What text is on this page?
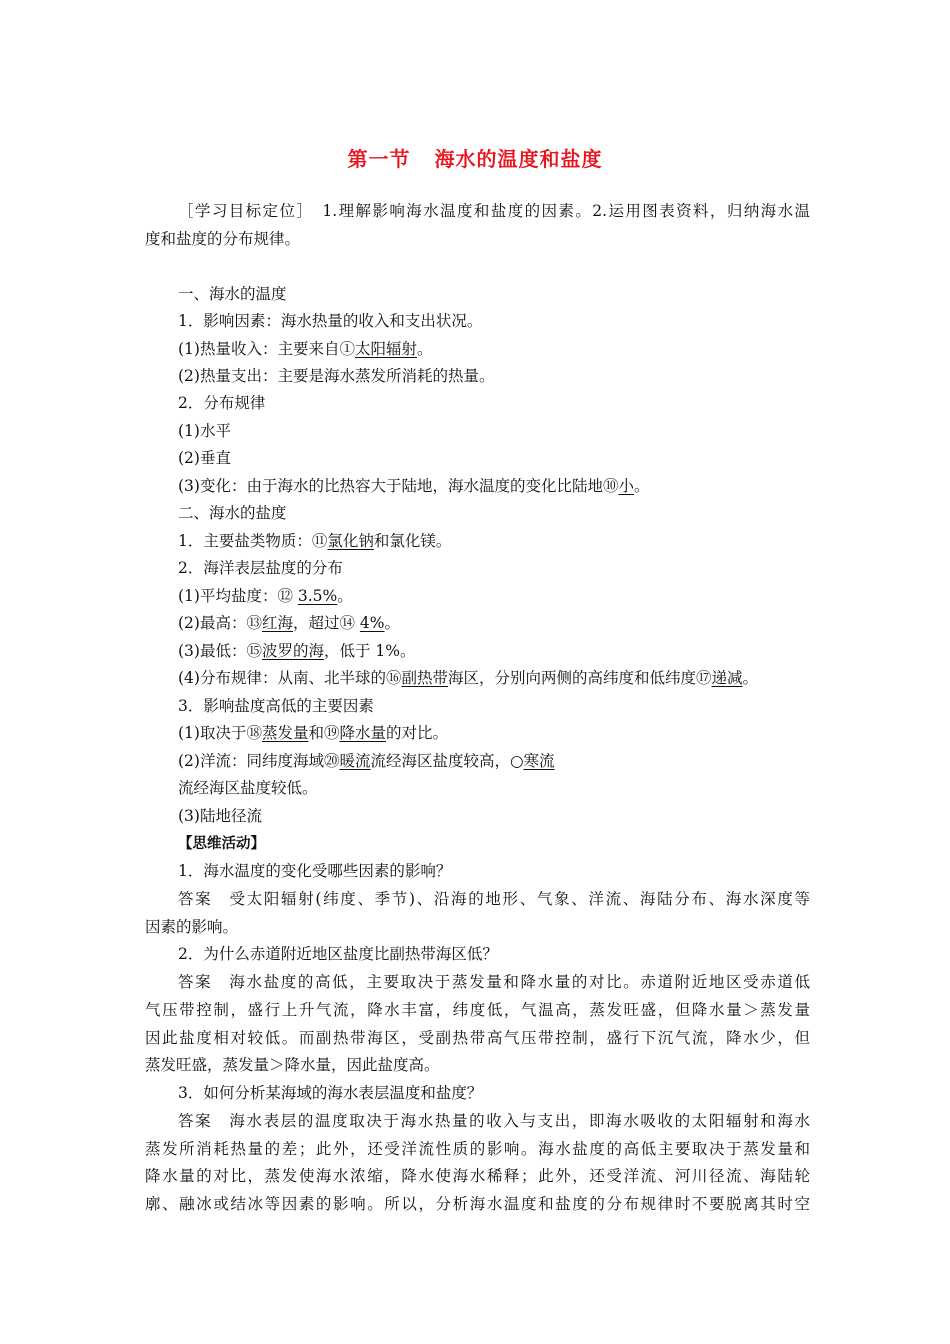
第一节 海水的温度和盐度
［学习目标定位］　1.理解影响海水温度和盐度的因素。2.运用图表资料，归纳海水温
度和盐度的分布规律。
一、海水的温度
1．影响因素：海水热量的收入和支出状况。
(1)热量收入：主要来自①太阳辐射。
(2)热量支出：主要是海水蒸发所消耗的热量。
2．分布规律
(1)水平
(2)垂直
(3)变化：由于海水的比热容大于陆地，海水温度的变化比陆地⑩小。
二、海水的盐度
1．主要盐类物质：⑪氯化钠和氯化镁。
2．海洋表层盐度的分布
(1)平均盐度：⑫ 3.5%。
(2)最高：⑬红海，超过⑭ 4%。
(3)最低：⑮波罗的海，低于 1%。
(4)分布规律：从南、北半球的⑯副热带海区，分别向两侧的高纬度和低纬度⑰递减。
3．影响盐度高低的主要因素
(1)取决于⑱蒸发量和⑲降水量的对比。
(2)洋流：同纬度海域⑳暖流流经海区盐度较高，○寒流
流经海区盐度较低。
(3)陆地径流
【思维活动】
1．海水温度的变化受哪些因素的影响？
答案　受太阳辐射(纬度、季节)、沿海的地形、气象、洋流、海陆分布、海水深度等
因素的影响。
2．为什么赤道附近地区盐度比副热带海区低？
答案　海水盐度的高低，主要取决于蒸发量和降水量的对比。赤道附近地区受赤道低
气压带控制，盛行上升气流，降水丰富，纬度低，气温高，蒸发旺盛，但降水量＞蒸发量
因此盐度相对较低。而副热带海区，受副热带高气压带控制，盛行下沉气流，降水少，但
蒸发旺盛，蒸发量＞降水量，因此盐度高。
3．如何分析某海域的海水表层温度和盐度？
答案　海水表层的温度取决于海水热量的收入与支出，即海水吸收的太阳辐射和海水
蒸发所消耗热量的差；此外，还受洋流性质的影响。海水盐度的高低主要取决于蒸发量和
降水量的对比，蒸发使海水浓缩，降水使海水稀释；此外，还受洋流、河川径流、海陆轮
廓、融冰或结冰等因素的影响。所以，分析海水温度和盐度的分布规律时不要脱离其时空
